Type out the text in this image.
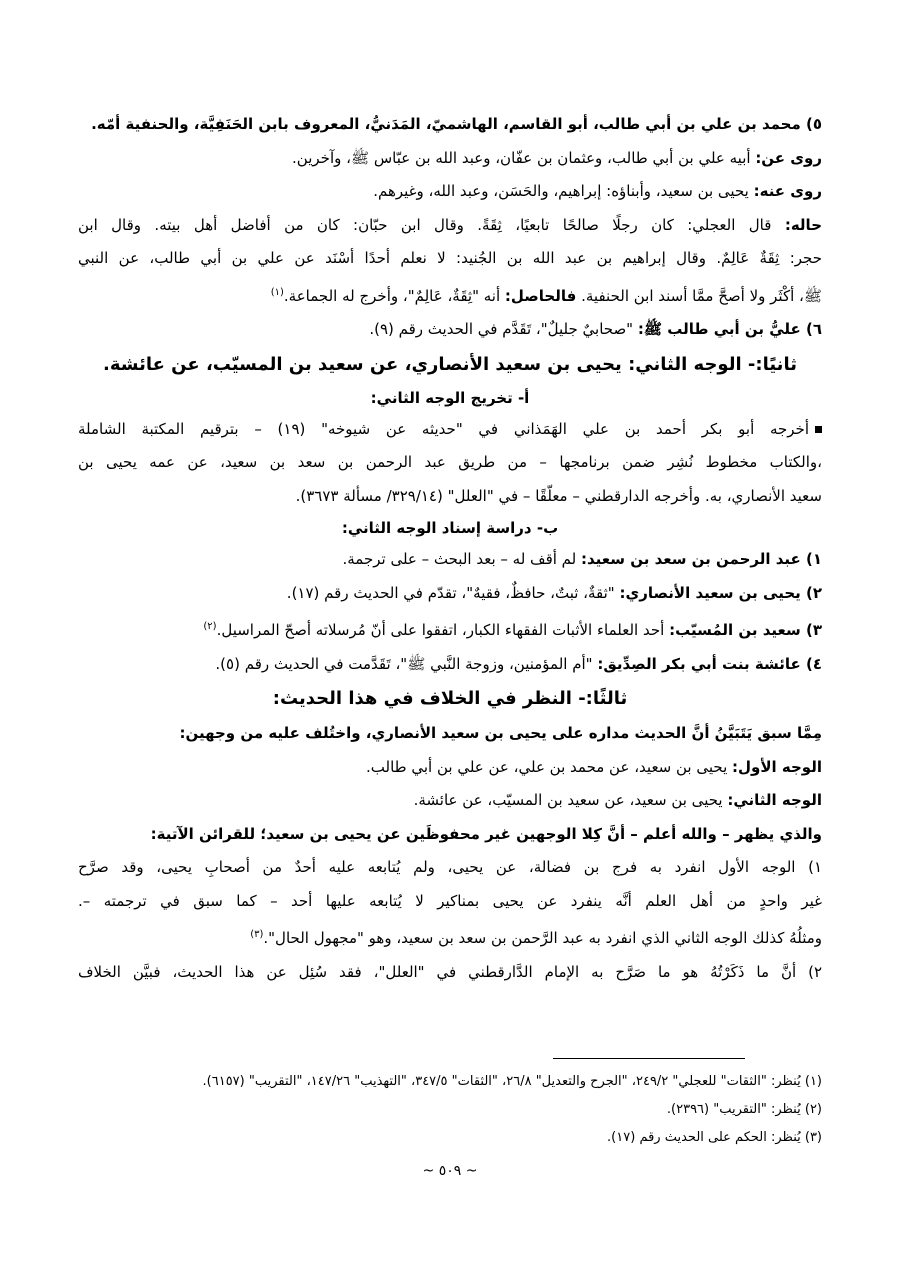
٥) محمد بن علي بن أبي طالب، أبو القاسم، الهاشميّ، المَدَنيُّ، المعروف بابن الحَنَفِيَّة، والحنفية أمّه.
روى عن: أبيه علي بن أبي طالب، وعثمان بن عفّان، وعبد الله بن عبّاس ﷺ، وآخرين.
روى عنه: يحيى بن سعيد، وأبناؤه: إبراهيم، والحَسَن، وعبد الله، وغيرهم.
حاله: قال العجلي: كان رجلًا صالحًا تابعيًا، ثِقَةً. وقال ابن حبّان: كان من أفاضل أهل بيته. وقال ابن
حجر: ثِقَةٌ عَالِمٌ. وقال إبراهيم بن عبد الله بن الجُنيد: لا نعلم أحدًا أسْنَد عن علي بن أبي طالب، عن النبي
ﷺ، أكْثَر ولا أصحَّ ممَّا أسند ابن الحنفية. فالحاصل: أنه "ثِقَةٌ، عَالِمٌ"، وأخرج له الجماعة.$^{(١)}$
٦) عليُّ بن أبي طالب ﷺ: "صحابيٌ جليلٌ"، تَقَدَّم في الحديث رقم (٩).
ثانيًا:- الوجه الثاني: يحيى بن سعيد الأنصاري، عن سعيد بن المسيّب، عن عائشة.
أ- تخريج الوجه الثاني:
أخرجه أبو بكر أحمد بن علي الهَمَذاني في "حديثه عن شيوخه" (١٩) – بترقيم المكتبة الشاملة
،والكتاب مخطوط نُشِر ضمن برنامجها – من طريق عبد الرحمن بن سعد بن سعيد، عن عمه يحيى بن
سعيد الأنصاري، به. وأخرجه الدارقطني – معلّقًا – في "العلل" (٣٢٩/١٤/ مسألة ٣٦٧٣).
ب- دراسة إسناد الوجه الثاني:
١) عبد الرحمن بن سعد بن سعيد: لم أقف له – بعد البحث – على ترجمة.
٢) يحيى بن سعيد الأنصاري: "ثقةٌ، ثبتٌ، حافظٌ، فقيهٌ"، تقدّم في الحديث رقم (١٧).
٣) سعيد بن المُسيّب: أحد العلماء الأثبات الفقهاء الكبار، اتفقوا على أنّ مُرسلاته أصحّ المراسيل.$^{(٢)}$
٤) عائشة بنت أبي بكر الصِدِّيق: "أم المؤمنين، وزوجة النَّبي ﷺ"، تَقَدَّمت في الحديث رقم (٥).
ثالثًا:- النظر في الخلاف في هذا الحديث:
مِمَّا سبق يَتَبَيَّنُ أنَّ الحديث مداره على يحيى بن سعيد الأنصاري، واختُلف عليه من وجهين:
الوجه الأول: يحيى بن سعيد، عن محمد بن علي، عن علي بن أبي طالب.
الوجه الثاني: يحيى بن سعيد، عن سعيد بن المسيّب، عن عائشة.
والذي يظهر – والله أعلم – أنَّ كِلا الوجهين غير محفوظَين عن يحيى بن سعيد؛ للقرائن الآتية:
١) الوجه الأول انفرد به فرج بن فضالة، عن يحيى، ولم يُتابعه عليه أحدٌ من أصحابِ يحيى، وقد صرَّح
غير واحدٍ من أهل العلم أنَّه ينفرد عن يحيى بمناكير لا يُتابعه عليها أحد – كما سبق في ترجمته –.
ومثلُهُ كذلك الوجه الثاني الذي انفرد به عبد الرَّحمن بن سعد بن سعيد، وهو "مجهول الحال".$^{(٣)}$
٢) أنَّ ما ذَكَرْتُهُ هو ما صَرَّح به الإمام الدَّارقطني في "العلل"، فقد سُئِل عن هذا الحديث، فبيَّن الخلاف
(١) يُنظر: "الثقات" للعجلي" ٢٤٩/٢، "الجرح والتعديل" ٢٦/٨، "الثقات" ٣٤٧/٥، "التهذيب" ١٤٧/٢٦، "التقريب" (٦١٥٧).
(٢) يُنظر: "التقريب" (٢٣٩٦).
(٣) يُنظر: الحكم على الحديث رقم (١٧).
~ ٥٠٩ ~
